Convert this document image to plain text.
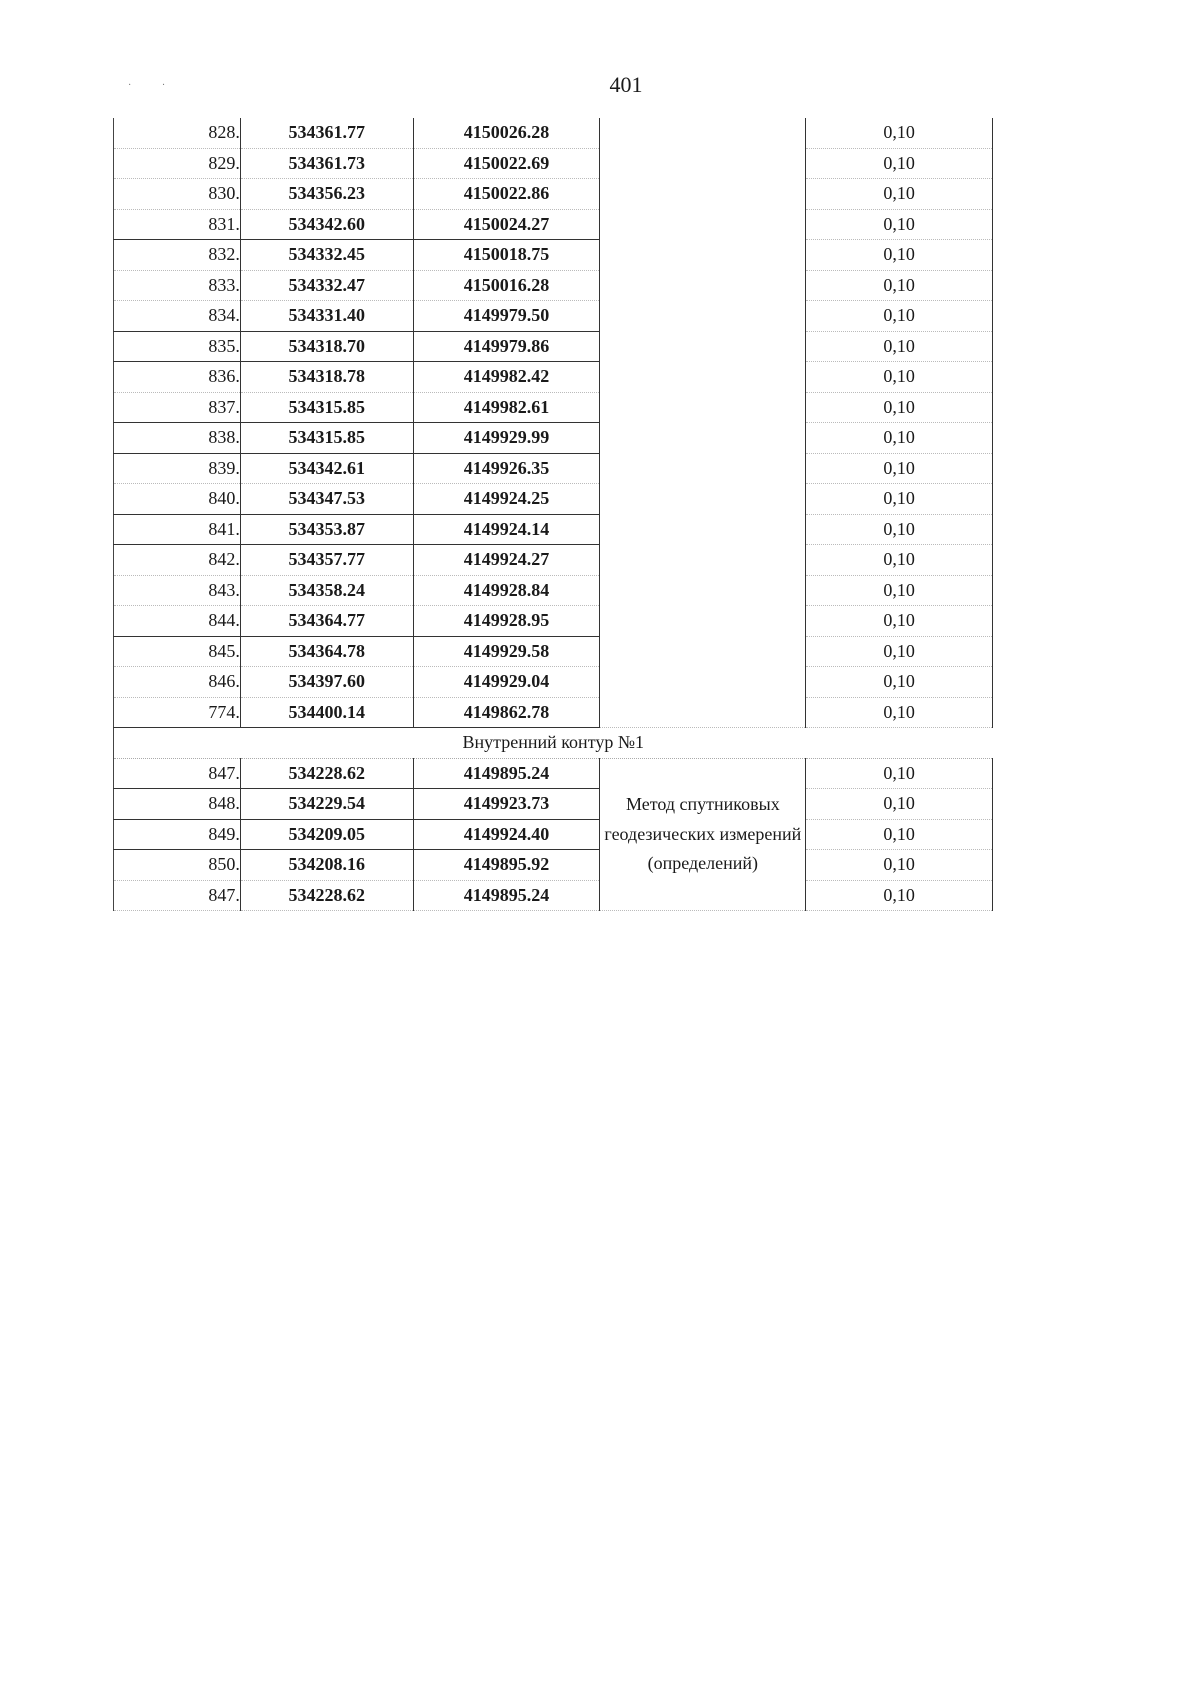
· ·	401
828.	534361.77	4150026.28		0,10
829.	534361.73	4150022.69		0,10
830.	534356.23	4150022.86		0,10
831.	534342.60	4150024.27		0,10
832.	534332.45	4150018.75		0,10
833.	534332.47	4150016.28		0,10
834.	534331.40	4149979.50		0,10
835.	534318.70	4149979.86		0,10
836.	534318.78	4149982.42		0,10
837.	534315.85	4149982.61		0,10
838.	534315.85	4149929.99		0,10
839.	534342.61	4149926.35		0,10
840.	534347.53	4149924.25		0,10
841.	534353.87	4149924.14		0,10
842.	534357.77	4149924.27		0,10
843.	534358.24	4149928.84		0,10
844.	534364.77	4149928.95		0,10
845.	534364.78	4149929.58		0,10
846.	534397.60	4149929.04		0,10
774.	534400.14	4149862.78		0,10
Внутренний контур №1				
847.	534228.62	4149895.24	Метод спутниковых геодезических измерений (определений)	0,10
848.	534229.54	4149923.73		0,10
849.	534209.05	4149924.40		0,10
850.	534208.16	4149895.92		0,10
847.	534228.62	4149895.24		0,10
